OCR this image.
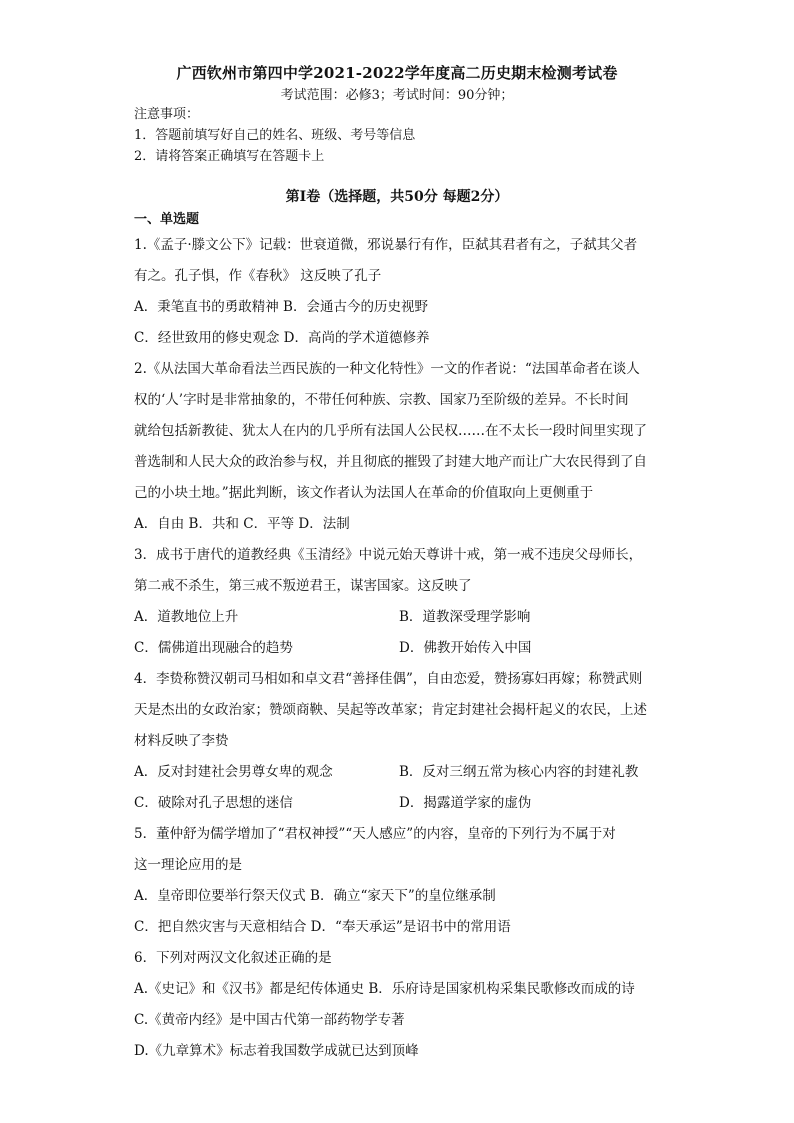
广西钦州市第四中学2021-2022学年度高二历史期末检测考试卷
考试范围：必修3；考试时间：90分钟；
注意事项：
1．答题前填写好自己的姓名、班级、考号等信息
2．请将答案正确填写在答题卡上
第I卷（选择题，共50分 每题2分）
一、单选题
1.《孟子·滕文公下》记载：世衰道微，邪说暴行有作，臣弑其君者有之，子弑其父者
有之。孔子惧，作《春秋》 这反映了孔子
A．秉笔直书的勇敢精神 B．会通古今的历史视野
C．经世致用的修史观念 D．高尚的学术道德修养
2.《从法国大革命看法兰西民族的一种文化特性》一文的作者说：“法国革命者在谈人
权的‘人’字时是非常抽象的，不带任何种族、宗教、国家乃至阶级的差异。不长时间
就给包括新教徒、犹太人在内的几乎所有法国人公民权……在不太长一段时间里实现了
普选制和人民大众的政治参与权，并且彻底的摧毁了封建大地产而让广大农民得到了自
己的小块土地。”据此判断，该文作者认为法国人在革命的价值取向上更侧重于
A．自由 B．共和 C．平等 D．法制
3．成书于唐代的道教经典《玉清经》中说元始天尊讲十戒，第一戒不违戾父母师长，
第二戒不杀生，第三戒不叛逆君王，谋害国家。这反映了
A．道教地位上升	B．道教深受理学影响
C．儒佛道出现融合的趋势	D．佛教开始传入中国
4．李贽称赞汉朝司马相如和卓文君“善择佳偶”，自由恋爱，赞扬寡妇再嫁；称赞武则
天是杰出的女政治家；赞颂商鞅、吴起等改革家；肯定封建社会揭杆起义的农民，上述
材料反映了李贽
A．反对封建社会男尊女卑的观念	B．反对三纲五常为核心内容的封建礼教
C．破除对孔子思想的迷信	D．揭露道学家的虚伪
5．董仲舒为儒学增加了“君权神授”“天人感应”的内容，皇帝的下列行为不属于对
这一理论应用的是
A．皇帝即位要举行祭天仪式 B．确立“家天下”的皇位继承制
C．把自然灾害与天意相结合 D．“奉天承运”是诏书中的常用语
6．下列对两汉文化叙述正确的是
A.《史记》和《汉书》都是纪传体通史 B．乐府诗是国家机构采集民歌修改而成的诗
C.《黄帝内经》是中国古代第一部药物学专著
D.《九章算术》标志着我国数学成就已达到顶峰
